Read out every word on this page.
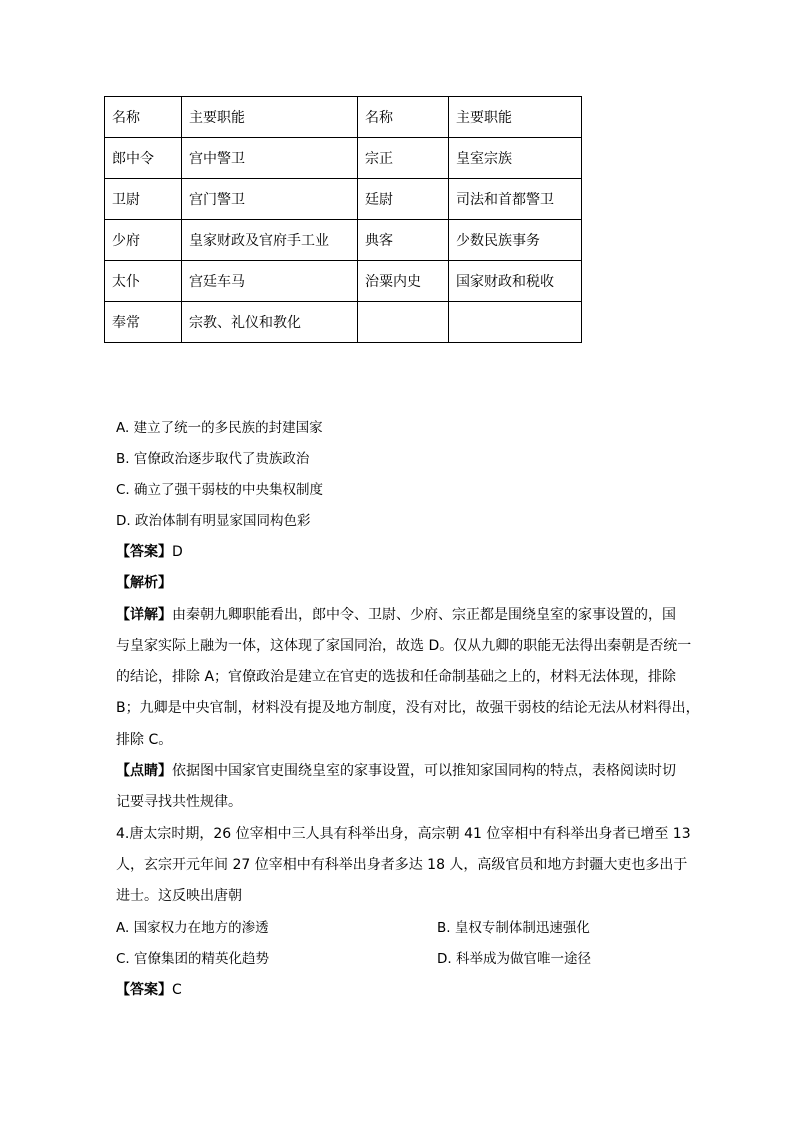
名称	主要职能	名称	主要职能
郎中令	宫中警卫	宗正	皇室宗族
卫尉	宫门警卫	廷尉	司法和首都警卫
少府	皇家财政及官府手工业	典客	少数民族事务
太仆	宫廷车马	治粟内史	国家财政和税收
奉常	宗教、礼仪和教化		
A. 建立了统一的多民族的封建国家
B. 官僚政治逐步取代了贵族政治
C. 确立了强干弱枝的中央集权制度
D. 政治体制有明显家国同构色彩
【答案】D
【解析】
【详解】由秦朝九卿职能看出，郎中令、卫尉、少府、宗正都是围绕皇室的家事设置的，国
与皇家实际上融为一体，这体现了家国同治，故选 D。仅从九卿的职能无法得出秦朝是否统一
的结论，排除 A；官僚政治是建立在官吏的选拔和任命制基础之上的，材料无法体现，排除
B；九卿是中央官制，材料没有提及地方制度，没有对比，故强干弱枝的结论无法从材料得出，
排除 C。
【点睛】依据图中国家官吏围绕皇室的家事设置，可以推知家国同构的特点，表格阅读时切
记要寻找共性规律。
4.唐太宗时期，26 位宰相中三人具有科举出身，高宗朝 41 位宰相中有科举出身者已增至 13
人，玄宗开元年间 27 位宰相中有科举出身者多达 18 人，高级官员和地方封疆大吏也多出于
进士。这反映出唐朝
A. 国家权力在地方的渗透	B. 皇权专制体制迅速强化
C. 官僚集团的精英化趋势	D. 科举成为做官唯一途径
【答案】C
